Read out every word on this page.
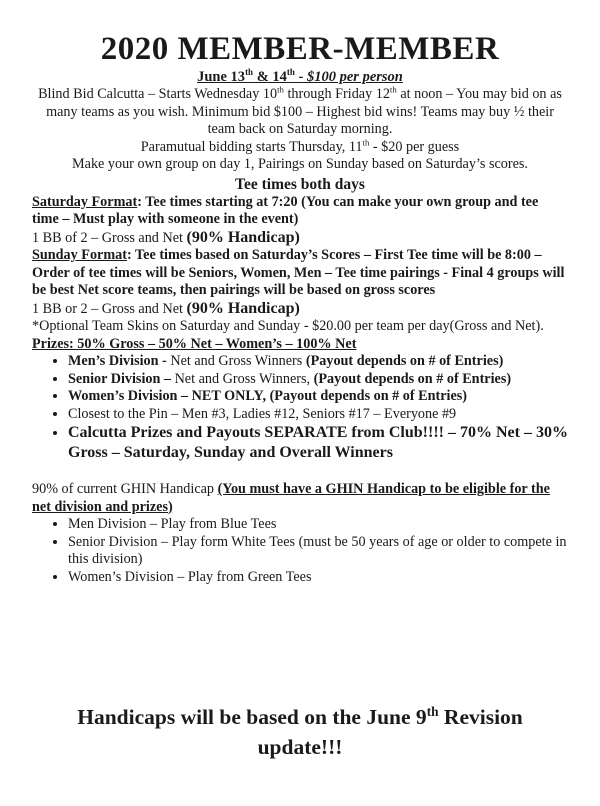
2020 MEMBER-MEMBER
June 13th & 14th - $100 per person

Blind Bid Calcutta – Starts Wednesday 10th through Friday 12th at noon – You may bid on as many teams as you wish. Minimum bid $100 – Highest bid wins! Teams may buy ½ their team back on Saturday morning.

Paramutual bidding starts Thursday, 11th - $20 per guess

Make your own group on day 1, Pairings on Sunday based on Saturday’s scores.

Tee times both days

Saturday Format: Tee times starting at 7:20 (You can make your own group and tee time – Must play with someone in the event)

1 BB of 2 – Gross and Net (90% Handicap)

Sunday Format: Tee times based on Saturday’s Scores – First Tee time will be 8:00 – Order of tee times will be Seniors, Women, Men – Tee time pairings - Final 4 groups will be best Net score teams, then pairings will be based on gross scores

1 BB or 2 – Gross and Net (90% Handicap)

*Optional Team Skins on Saturday and Sunday - $20.00 per team per day(Gross and Net).

Prizes: 50% Gross – 50% Net – Women’s – 100% Net

• Men’s Division - Net and Gross Winners (Payout depends on # of Entries)
• Senior Division – Net and Gross Winners, (Payout depends on # of Entries)
• Women’s Division – NET ONLY, (Payout depends on # of Entries)
• Closest to the Pin – Men #3, Ladies #12, Seniors #17 – Everyone #9
• Calcutta Prizes and Payouts SEPARATE from Club!!!! – 70% Net – 30% Gross – Saturday, Sunday and Overall Winners

90% of current GHIN Handicap (You must have a GHIN Handicap to be eligible for the net division and prizes)

• Men Division – Play from Blue Tees
• Senior Division – Play form White Tees (must be 50 years of age or older to compete in this division)
• Women’s Division – Play from Green Tees
Handicaps will be based on the June 9th Revision update!!!
